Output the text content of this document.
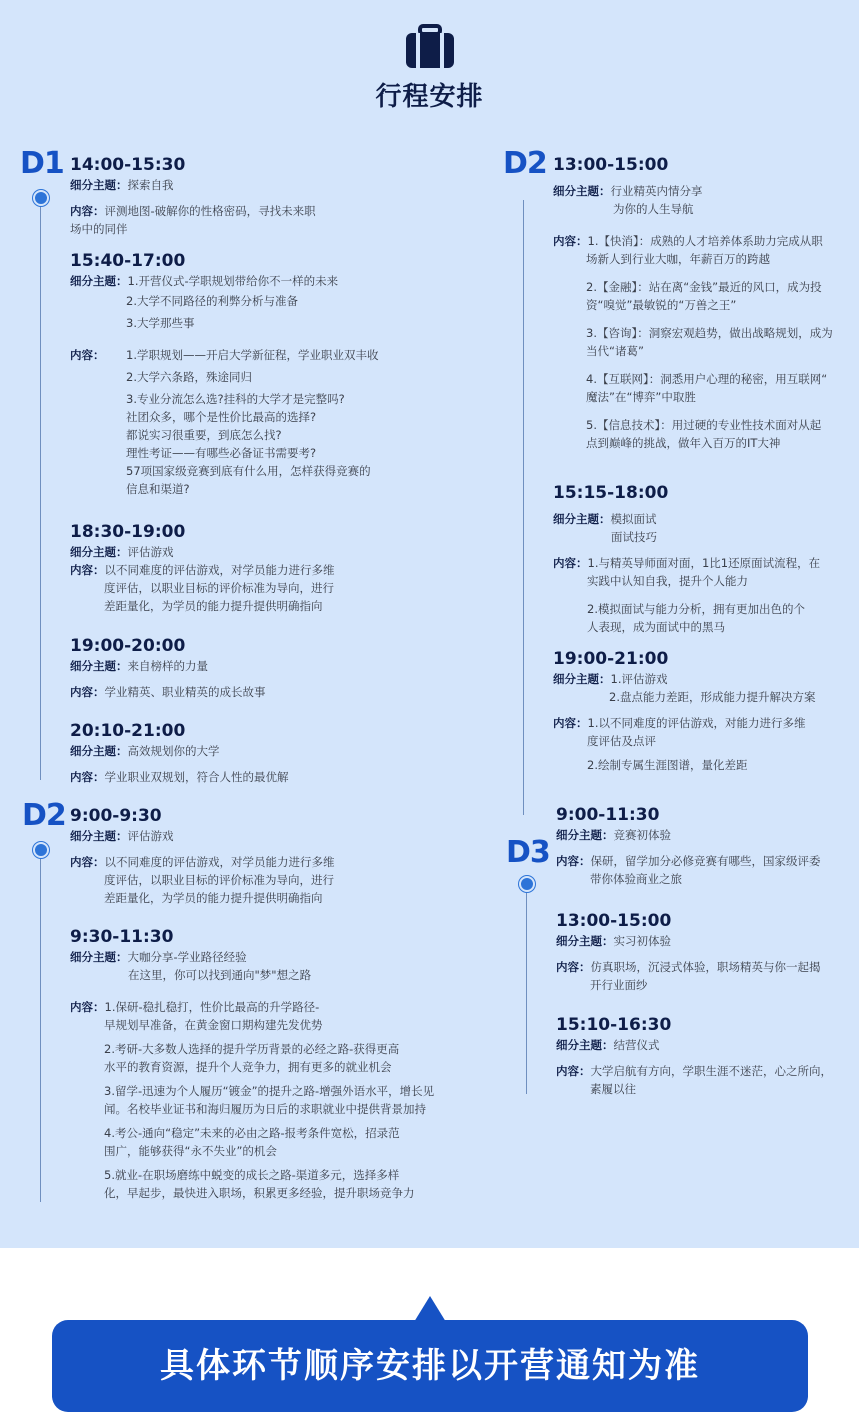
行程安排
D1 14:00-15:30

细分主题： 探索自我

内容： 评测地图-破解你的性格密码，寻找未来职

场中的同伴

15:40-17:00

细分主题： 1.开营仪式-学职规划带给你不一样的未来

2.大学不同路径的利弊分析与准备

3.大学那些事

内容：	1.学职规划——开启大学新征程，学业职业双丰收

2.大学六条路，殊途同归

3.专业分流怎么选?挂科的大学才是完整吗?

社团众多，哪个是性价比最高的选择?

都说实习很重要，到底怎么找?

理性考证——有哪些必备证书需要考?

57项国家级竞赛到底有什么用，怎样获得竞赛的

信息和渠道?

18:30-19:00

细分主题： 评估游戏

内容： 以不同难度的评估游戏，对学员能力进行多维

度评估，以职业目标的评价标准为导向，进行

差距量化，为学员的能力提升提供明确指向

19:00-20:00

细分主题： 来自榜样的力量

内容： 学业精英、职业精英的成长故事

20:10-21:00

细分主题： 高效规划你的大学

内容： 学业职业双规划，符合人性的最优解

D2 9:00-9:30

细分主题： 评估游戏

内容： 以不同难度的评估游戏，对学员能力进行多维

度评估，以职业目标的评价标准为导向，进行

差距量化，为学员的能力提升提供明确指向

9:30-11:30

细分主题： 大咖分享-学业路径经验

在这里，你可以找到通向"梦"想之路

内容： 1.保研-稳扎稳打，性价比最高的升学路径-

早规划早准备，在黄金窗口期构建先发优势

2.考研-大多数人选择的提升学历背景的必经之路-获得更高

水平的教育资源，提升个人竞争力，拥有更多的就业机会

3.留学-迅速为个人履历“镀金”的提升之路-增强外语水平，增长见

闻。名校毕业证书和海归履历为日后的求职就业中提供背景加持

4.考公-通向“稳定”未来的必由之路-报考条件宽松，招录范

围广，能够获得“永不失业”的机会

5.就业-在职场磨练中蜕变的成长之路-渠道多元，选择多样

化，早起步，最快进入职场，积累更多经验，提升职场竞争力

D2 13:00-15:00

细分主题： 行业精英内情分享

为你的人生导航

内容： 1.【快消】：成熟的人才培养体系助力完成从职

场新人到行业大咖，年薪百万的跨越

2.【金融】：站在离“金钱”最近的风口，成为投

资“嗅觉”最敏锐的“万兽之王”

3.【咨询】：洞察宏观趋势，做出战略规划，成为

当代“诸葛”

4.【互联网】：洞悉用户心理的秘密，用互联网“

魔法”在“博弈”中取胜

5.【信息技术】：用过硬的专业性技术面对从起

点到巅峰的挑战，做年入百万的IT大神

15:15-18:00

细分主题： 模拟面试

面试技巧

内容： 1.与精英导师面对面，1比1还原面试流程，在

实践中认知自我，提升个人能力

2.模拟面试与能力分析，拥有更加出色的个

人表现，成为面试中的黑马

19:00-21:00

细分主题： 1.评估游戏

2.盘点能力差距，形成能力提升解决方案

内容： 1.以不同难度的评估游戏，对能力进行多维

度评估及点评

2.绘制专属生涯图谱，量化差距

D3

9:00-11:30

细分主题： 竞赛初体验

内容： 保研，留学加分必修竞赛有哪些，国家级评委

带你体验商业之旅

13:00-15:00

细分主题： 实习初体验

内容： 仿真职场，沉浸式体验，职场精英与你一起揭

开行业面纱

15:10-16:30

细分主题： 结营仪式

内容： 大学启航有方向，学职生涯不迷茫，心之所向，

素履以往

具体环节顺序安排以开营通知为准
